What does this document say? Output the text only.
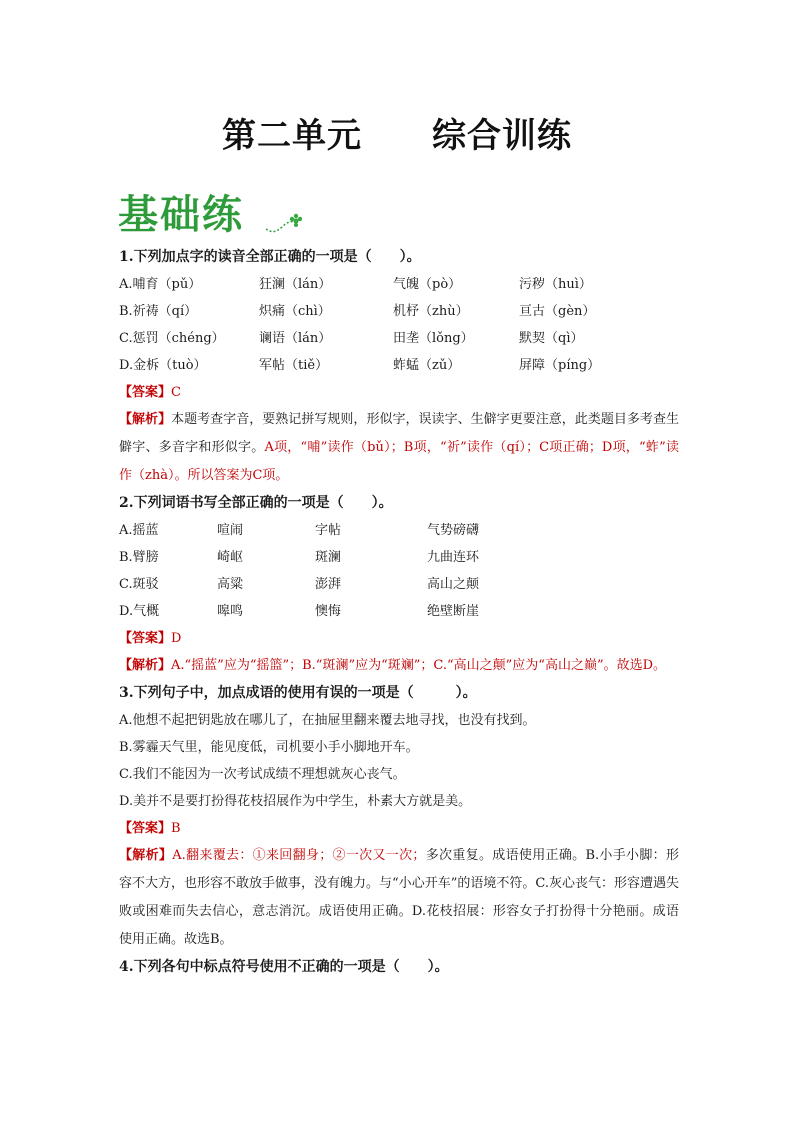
第二单元 综合训练
基础练
1.下列加点字的读音全部正确的一项是（　　）。
A.哺育（pǔ）	狂澜（lán）	气魄（pò）	污秽（huì）
B.祈祷（qí）	炽痛（chì）	机杼（zhù）	亘古（gèn）
C.惩罚（chéng）	谰语（lán）	田垄（lǒng）	默契（qì）
D.金柝（tuò）	军帖（tiě）	蚱蜢（zǔ）	屏障（píng）
【答案】C
【解析】本题考查字音，要熟记拼写规则，形似字，误读字、生僻字更要注意，此类题目多考查生僻字、多音字和形似字。A项，“哺”读作（bǔ）；B项，“祈”读作（qí）；C项正确；D项，“蚱”读作（zhà）。所以答案为C项。
2.下列词语书写全部正确的一项是（　　）。
A.摇蓝	喧闹	字帖	气势磅礴
B.臂膀	崎岖	斑澜	九曲连环
C.斑驳	高粱	澎湃	高山之颠
D.气概	嗥鸣	懊悔	绝壁断崖
【答案】D
【解析】A.“摇蓝”应为“摇篮”；B.“斑澜”应为“斑斓”；C.“高山之颠”应为“高山之巅”。故选D。
3.下列句子中，加点成语的使用有误的一项是（　　　）。
A.他想不起把钥匙放在哪儿了，在抽屉里翻来覆去地寻找，也没有找到。
B.雾霾天气里，能见度低，司机要小手小脚地开车。
C.我们不能因为一次考试成绩不理想就灰心丧气。
D.美并不是要打扮得花枝招展作为中学生，朴素大方就是美。
【答案】B
【解析】A.翻来覆去：①来回翻身；②一次又一次；多次重复。成语使用正确。B.小手小脚：形容不大方，也形容不敢放手做事，没有魄力。与“小心开车”的语境不符。C.灰心丧气：形容遭遇失败或困难而失去信心，意志消沉。成语使用正确。D.花枝招展：形容女子打扮得十分艳丽。成语使用正确。故选B。
4.下列各句中标点符号使用不正确的一项是（　　）。
